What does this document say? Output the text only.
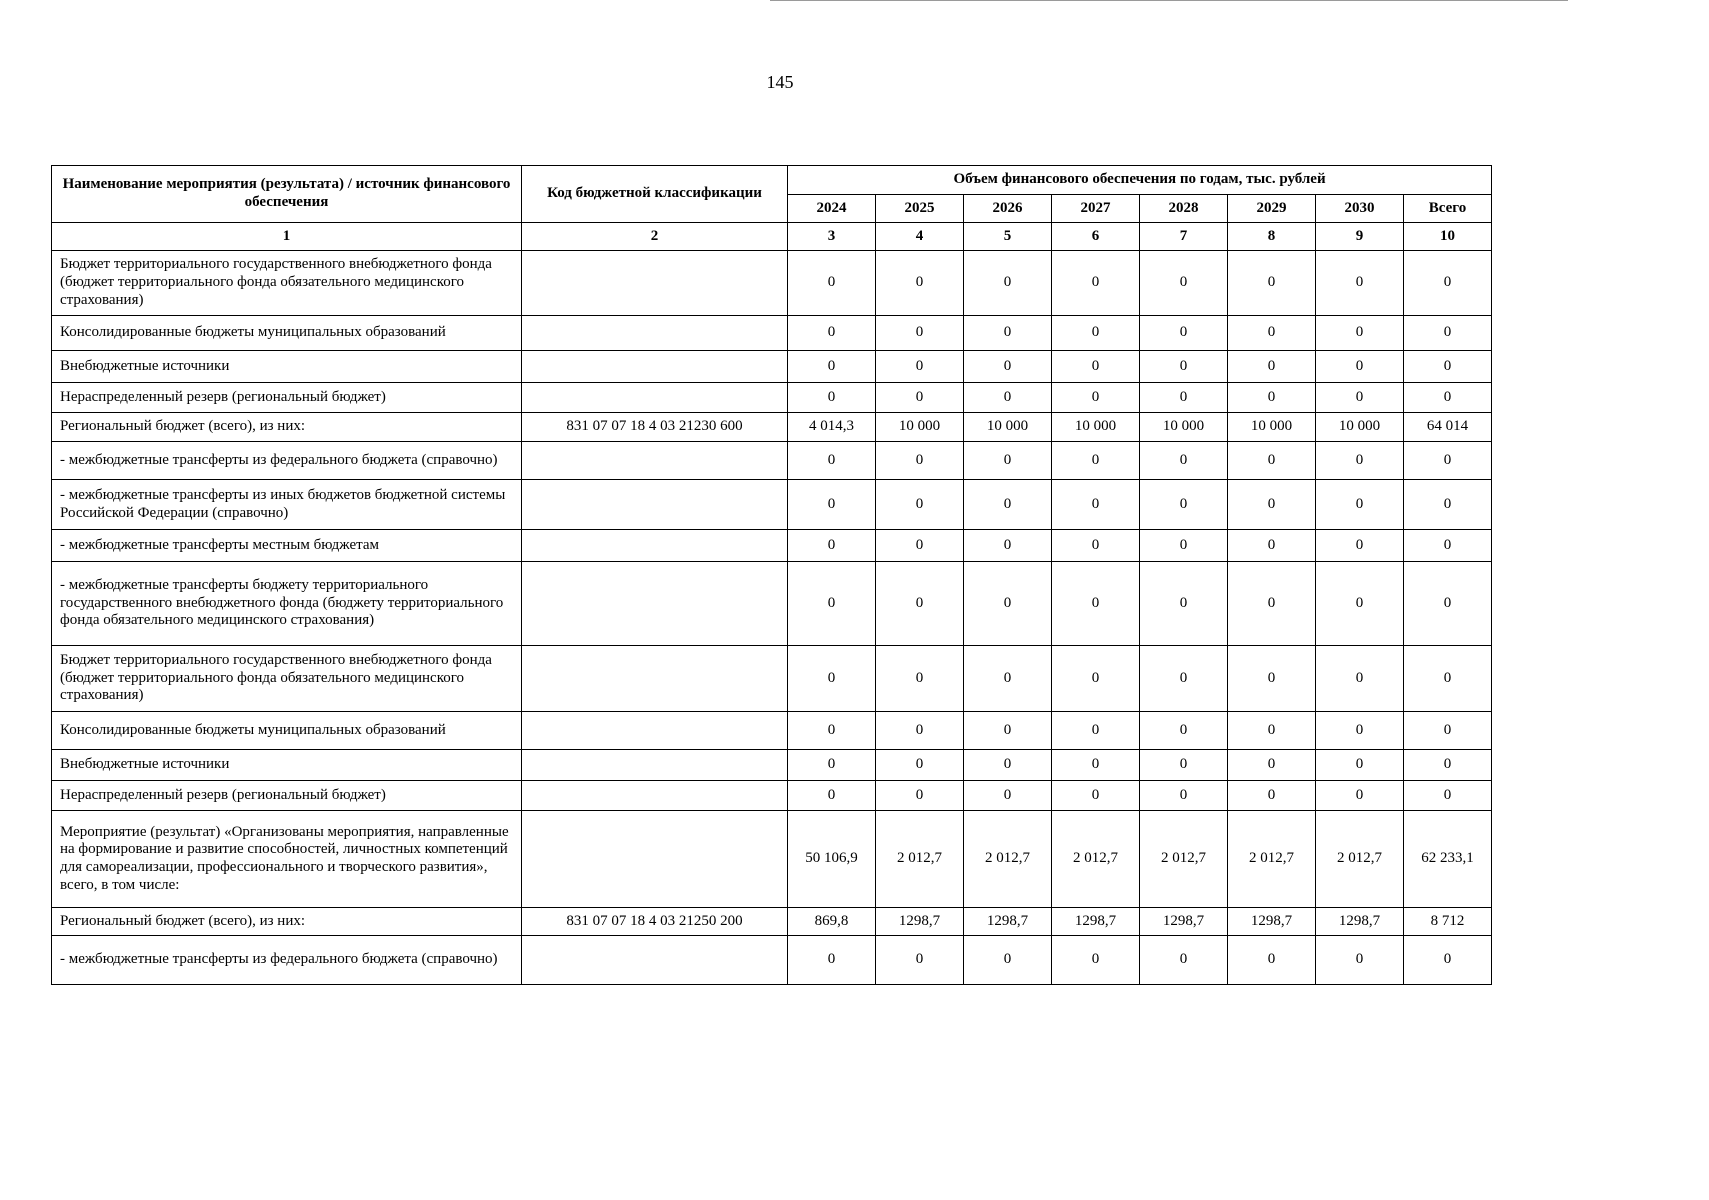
145
Наименование мероприятия (результата) / источник финансового обеспечения	Код бюджетной классификации	Объем финансового обеспечения по годам, тыс. рублей							
		2024	2025	2026	2027	2028	2029	2030	Всего
1	2	3	4	5	6	7	8	9	10
Бюджет территориального государственного внебюджетного фонда (бюджет территориального фонда обязательного медицинского страхования)		0	0	0	0	0	0	0	0
Консолидированные бюджеты муниципальных образований		0	0	0	0	0	0	0	0
Внебюджетные источники		0	0	0	0	0	0	0	0
Нераспределенный резерв (региональный бюджет)		0	0	0	0	0	0	0	0
Региональный бюджет (всего), из них:	831 07 07 18 4 03 21230 600	4 014,3	10 000	10 000	10 000	10 000	10 000	10 000	64 014
- межбюджетные трансферты из федерального бюджета (справочно)		0	0	0	0	0	0	0	0
- межбюджетные трансферты из иных бюджетов бюджетной системы Российской Федерации (справочно)		0	0	0	0	0	0	0	0
- межбюджетные трансферты местным бюджетам		0	0	0	0	0	0	0	0
- межбюджетные трансферты бюджету территориального государственного внебюджетного фонда (бюджету территориального фонда обязательного медицинского страхования)		0	0	0	0	0	0	0	0
Бюджет территориального государственного внебюджетного фонда (бюджет территориального фонда обязательного медицинского страхования)		0	0	0	0	0	0	0	0
Консолидированные бюджеты муниципальных образований		0	0	0	0	0	0	0	0
Внебюджетные источники		0	0	0	0	0	0	0	0
Нераспределенный резерв (региональный бюджет)		0	0	0	0	0	0	0	0
Мероприятие (результат) «Организованы мероприятия, направленные на формирование и развитие способностей, личностных компетенций для самореализации, профессионального и творческого развития», всего, в том числе:		50 106,9	2 012,7	2 012,7	2 012,7	2 012,7	2 012,7	2 012,7	62 233,1
Региональный бюджет (всего), из них:	831 07 07 18 4 03 21250 200	869,8	1298,7	1298,7	1298,7	1298,7	1298,7	1298,7	8 712
- межбюджетные трансферты из федерального бюджета (справочно)		0	0	0	0	0	0	0	0
